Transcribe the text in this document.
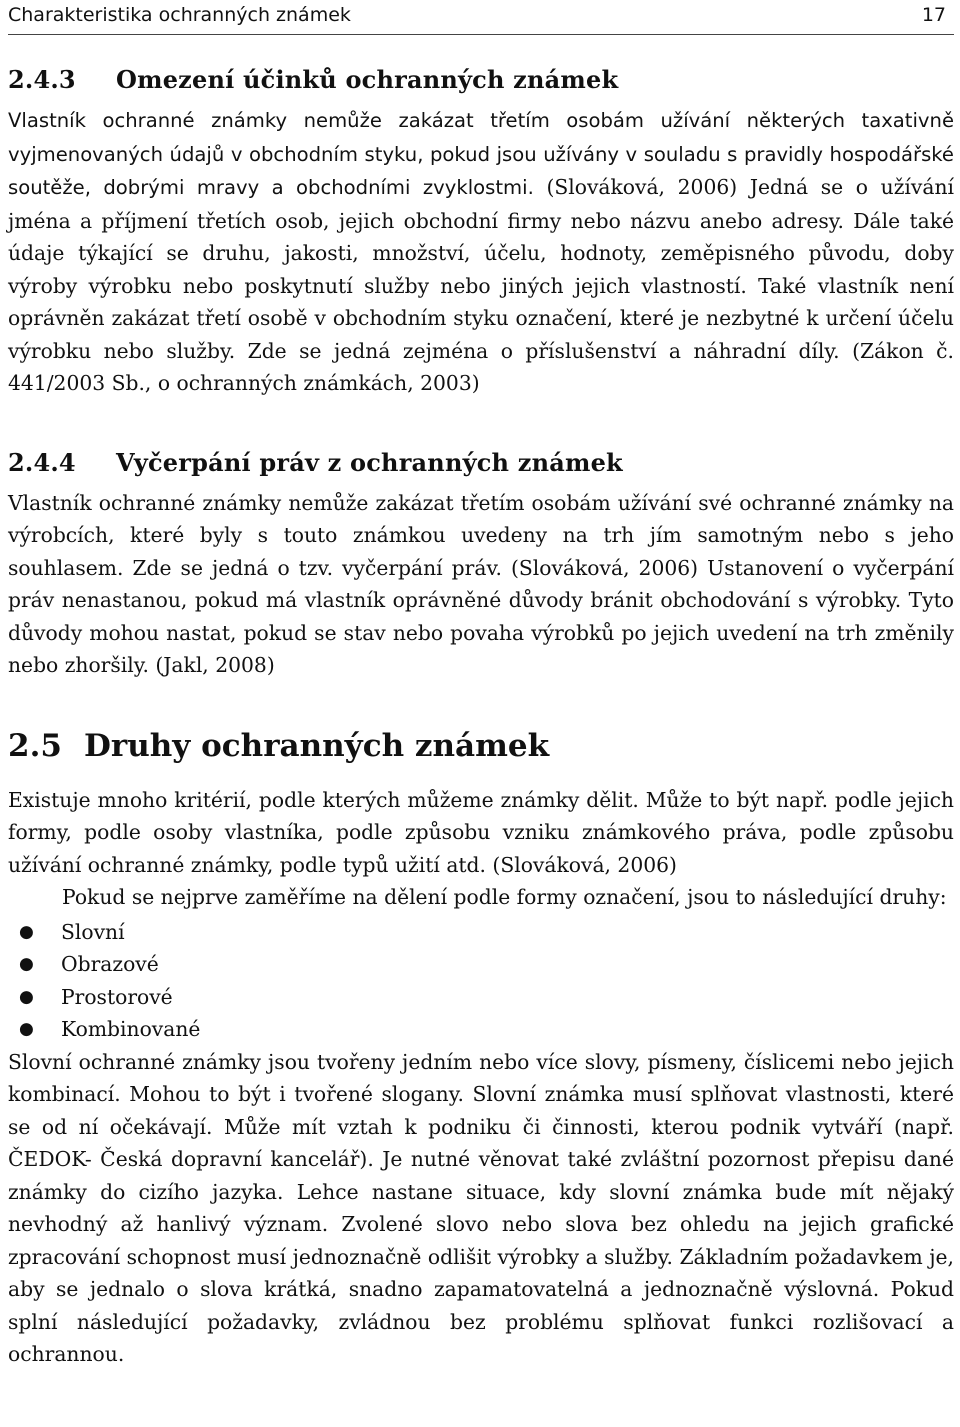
Charakteristika ochranných známek	17
2.4.3 Omezení účinků ochranných známek

Vlastník ochranné známky nemůže zakázat třetím osobám užívání některých taxativně vyjmenovaných údajů v obchodním styku, pokud jsou užívány v souladu s pravidly hospodářské soutěže, dobrými mravy a obchodními zvyklostmi. (Slováková, 2006) Jedná se o užívání jména a příjmení třetích osob, jejich obchodní firmy nebo názvu anebo adresy. Dále také údaje týkající se druhu, jakosti, množství, účelu, hodnoty, zeměpisného původu, doby výroby výrobku nebo poskytnutí služby nebo jiných jejich vlastností. Také vlastník není oprávněn zakázat třetí osobě v obchodním styku označení, které je nezbytné k určení účelu výrobku nebo služby. Zde se jedná zejména o příslušenství a náhradní díly. (Zákon č. 441/2003 Sb., o ochranných známkách, 2003)

2.4.4 Vyčerpání práv z ochranných známek

Vlastník ochranné známky nemůže zakázat třetím osobám užívání své ochranné známky na výrobcích, které byly s touto známkou uvedeny na trh jím samotným nebo s jeho souhlasem. Zde se jedná o tzv. vyčerpání práv. (Slováková, 2006) Ustanovení o vyčerpání práv nenastanou, pokud má vlastník oprávněné důvody bránit obchodování s výrobky. Tyto důvody mohou nastat, pokud se stav nebo povaha výrobků po jejich uvedení na trh změnily nebo zhoršily. (Jakl, 2008)

2.5 Druhy ochranných známek

Existuje mnoho kritérií, podle kterých můžeme známky dělit. Může to být např. podle jejich formy, podle osoby vlastníka, podle způsobu vzniku známkového práva, podle způsobu užívání ochranné známky, podle typů užití atd. (Slováková, 2006)

Pokud se nejprve zaměříme na dělení podle formy označení, jsou to následující druhy:

● Slovní
● Obrazové
● Prostorové
● Kombinované

Slovní ochranné známky jsou tvořeny jedním nebo více slovy, písmeny, číslicemi nebo jejich kombinací. Mohou to být i tvořené slogany. Slovní známka musí splňovat vlastnosti, které se od ní očekávají. Může mít vztah k podniku či činnosti, kterou podnik vytváří (např. ČEDOK- Česká dopravní kancelář). Je nutné věnovat také zvláštní pozornost přepisu dané známky do cizího jazyka. Lehce nastane situace, kdy slovní známka bude mít nějaký nevhodný až hanlivý význam. Zvolené slovo nebo slova bez ohledu na jejich grafické zpracování schopnost musí jednoznačně odlišit výrobky a služby. Základním požadavkem je, aby se jednalo o slova krátká, snadno zapamatovatelná a jednoznačně výslovná. Pokud splní následující požadavky, zvládnou bez problému splňovat funkci rozlišovací a ochrannou.
